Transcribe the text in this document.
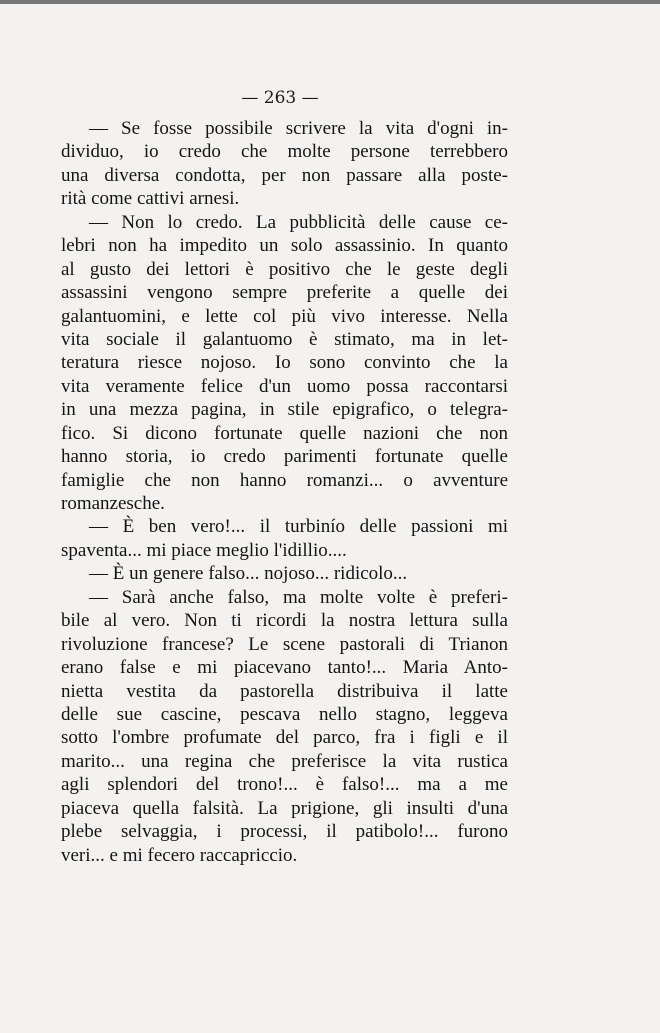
— 263 —
— Se fosse possibile scrivere la vita d'ogni in-
dividuo, io credo che molte persone terrebbero
una diversa condotta, per non passare alla poste-
rità come cattivi arnesi.
— Non lo credo. La pubblicità delle cause ce-
lebri non ha impedito un solo assassinio. In quanto
al gusto dei lettori è positivo che le geste degli
assassini vengono sempre preferite a quelle dei
galantuomini, e lette col più vivo interesse. Nella
vita sociale il galantuomo è stimato, ma in let-
teratura riesce nojoso. Io sono convinto che la
vita veramente felice d'un uomo possa raccontarsi
in una mezza pagina, in stile epigrafico, o telegra-
fico. Si dicono fortunate quelle nazioni che non
hanno storia, io credo parimenti fortunate quelle
famiglie che non hanno romanzi... o avventure
romanzesche.
— È ben vero!... il turbinío delle passioni mi
spaventa... mi piace meglio l'idillio....
— È un genere falso... nojoso... ridicolo...
— Sarà anche falso, ma molte volte è preferi-
bile al vero. Non ti ricordi la nostra lettura sulla
rivoluzione francese? Le scene pastorali di Trianon
erano false e mi piacevano tanto!... Maria Anto-
nietta vestita da pastorella distribuiva il latte
delle sue cascine, pescava nello stagno, leggeva
sotto l'ombre profumate del parco, fra i figli e il
marito... una regina che preferisce la vita rustica
agli splendori del trono!... è falso!... ma a me
piaceva quella falsità. La prigione, gli insulti d'una
plebe selvaggia, i processi, il patibolo!... furono
veri... e mi fecero raccapriccio.
